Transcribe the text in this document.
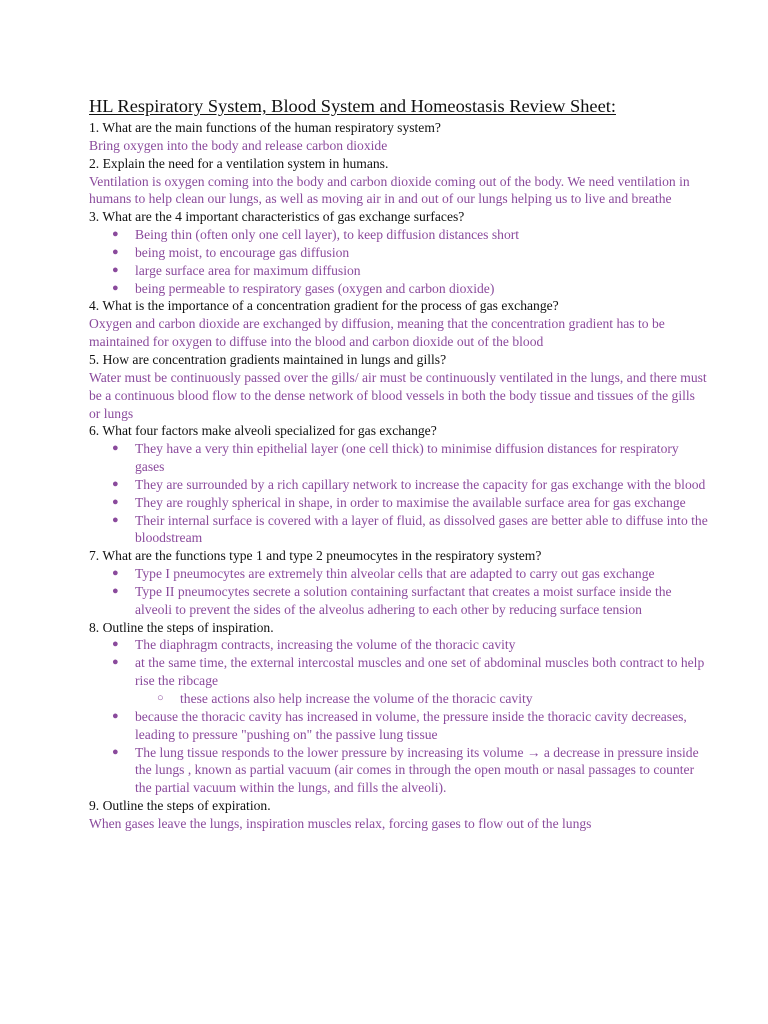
HL Respiratory System, Blood System and Homeostasis Review Sheet:
1. What are the main functions of the human respiratory system?
Bring oxygen into the body and release carbon dioxide
2. Explain the need for a ventilation system in humans.
Ventilation is oxygen coming into the body and carbon dioxide coming out of the body. We need ventilation in humans to help clean our lungs, as well as moving air in and out of our lungs helping us to live and breathe
3. What are the 4 important characteristics of gas exchange surfaces?
● Being thin (often only one cell layer), to keep diffusion distances short
● being moist, to encourage gas diffusion
● large surface area for maximum diffusion
● being permeable to respiratory gases (oxygen and carbon dioxide)
4. What is the importance of a concentration gradient for the process of gas exchange?
Oxygen and carbon dioxide are exchanged by diffusion, meaning that the concentration gradient has to be maintained for oxygen to diffuse into the blood and carbon dioxide out of the blood
5. How are concentration gradients maintained in lungs and gills?
Water must be continuously passed over the gills/ air must be continuously ventilated in the lungs, and there must be a continuous blood flow to the dense network of blood vessels in both the body tissue and tissues of the gills or lungs
6. What four factors make alveoli specialized for gas exchange?
● They have a very thin epithelial layer (one cell thick) to minimise diffusion distances for respiratory gases
● They are surrounded by a rich capillary network to increase the capacity for gas exchange with the blood
● They are roughly spherical in shape, in order to maximise the available surface area for gas exchange
● Their internal surface is covered with a layer of fluid, as dissolved gases are better able to diffuse into the bloodstream
7. What are the functions type 1 and type 2 pneumocytes in the respiratory system?
● Type I pneumocytes are extremely thin alveolar cells that are adapted to carry out gas exchange
● Type II pneumocytes secrete a solution containing surfactant that creates a moist surface inside the alveoli to prevent the sides of the alveolus adhering to each other by reducing surface tension
8. Outline the steps of inspiration.
● The diaphragm contracts, increasing the volume of the thoracic cavity
● at the same time, the external intercostal muscles and one set of abdominal muscles both contract to help rise the ribcage
○ these actions also help increase the volume of the thoracic cavity
● because the thoracic cavity has increased in volume, the pressure inside the thoracic cavity decreases, leading to pressure "pushing on" the passive lung tissue
● The lung tissue responds to the lower pressure by increasing its volume → a decrease in pressure inside the lungs , known as partial vacuum (air comes in through the open mouth or nasal passages to counter the partial vacuum within the lungs, and fills the alveoli).
9. Outline the steps of expiration.
When gases leave the lungs, inspiration muscles relax, forcing gases to flow out of the lungs
